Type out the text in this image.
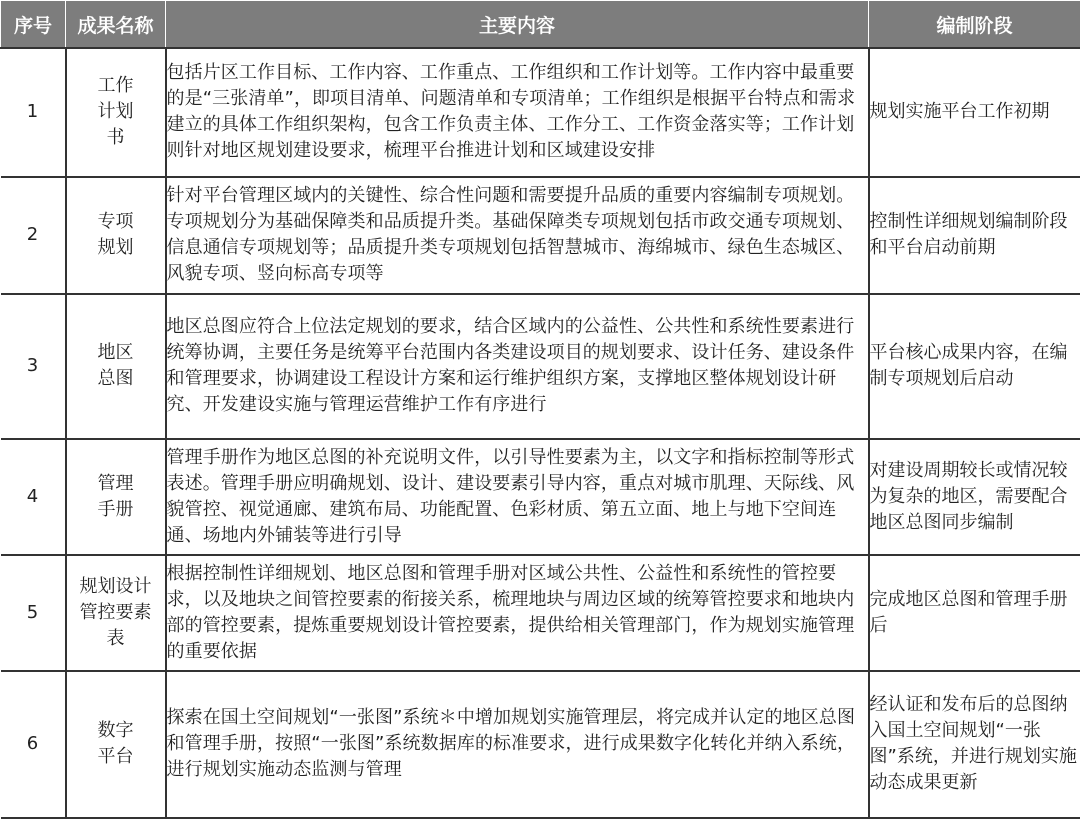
序号	成果名称	主要内容	编制阶段
1	工作计划书	包括片区工作目标、工作内容、工作重点、工作组织和工作计划等。工作内容中最重要的是“三张清单”，即项目清单、问题清单和专项清单；工作组织是根据平台特点和需求建立的具体工作组织架构，包含工作负责主体、工作分工、工作资金落实等；工作计划则针对地区规划建设要求，梳理平台推进计划和区域建设安排	规划实施平台工作初期
2	专项规划	针对平台管理区域内的关键性、综合性问题和需要提升品质的重要内容编制专项规划。专项规划分为基础保障类和品质提升类。基础保障类专项规划包括市政交通专项规划、信息通信专项规划等；品质提升类专项规划包括智慧城市、海绵城市、绿色生态城区、风貌专项、竖向标高专项等	控制性详细规划编制阶段和平台启动前期
3	地区总图	地区总图应符合上位法定规划的要求，结合区域内的公益性、公共性和系统性要素进行统筹协调，主要任务是统筹平台范围内各类建设项目的规划要求、设计任务、建设条件和管理要求，协调建设工程设计方案和运行维护组织方案，支撑地区整体规划设计研究、开发建设实施与管理运营维护工作有序进行	平台核心成果内容，在编制专项规划后启动
4	管理手册	管理手册作为地区总图的补充说明文件，以引导性要素为主，以文字和指标控制等形式表述。管理手册应明确规划、设计、建设要素引导内容，重点对城市肌理、天际线、风貌管控、视觉通廊、建筑布局、功能配置、色彩材质、第五立面、地上与地下空间连通、场地内外铺装等进行引导	对建设周期较长或情况较为复杂的地区，需要配合地区总图同步编制
5	规划设计管控要素表	根据控制性详细规划、地区总图和管理手册对区域公共性、公益性和系统性的管控要求，以及地块之间管控要素的衔接关系，梳理地块与周边区域的统筹管控要求和地块内部的管控要素，提炼重要规划设计管控要素，提供给相关管理部门，作为规划实施管理的重要依据	完成地区总图和管理手册后
6	数字平台	探索在国土空间规划“一张图”系统＊中增加规划实施管理层，将完成并认定的地区总图和管理手册，按照“一张图”系统数据库的标准要求，进行成果数字化转化并纳入系统，进行规划实施动态监测与管理	经认证和发布后的总图纳入国土空间规划“一张图”系统，并进行规划实施动态成果更新
